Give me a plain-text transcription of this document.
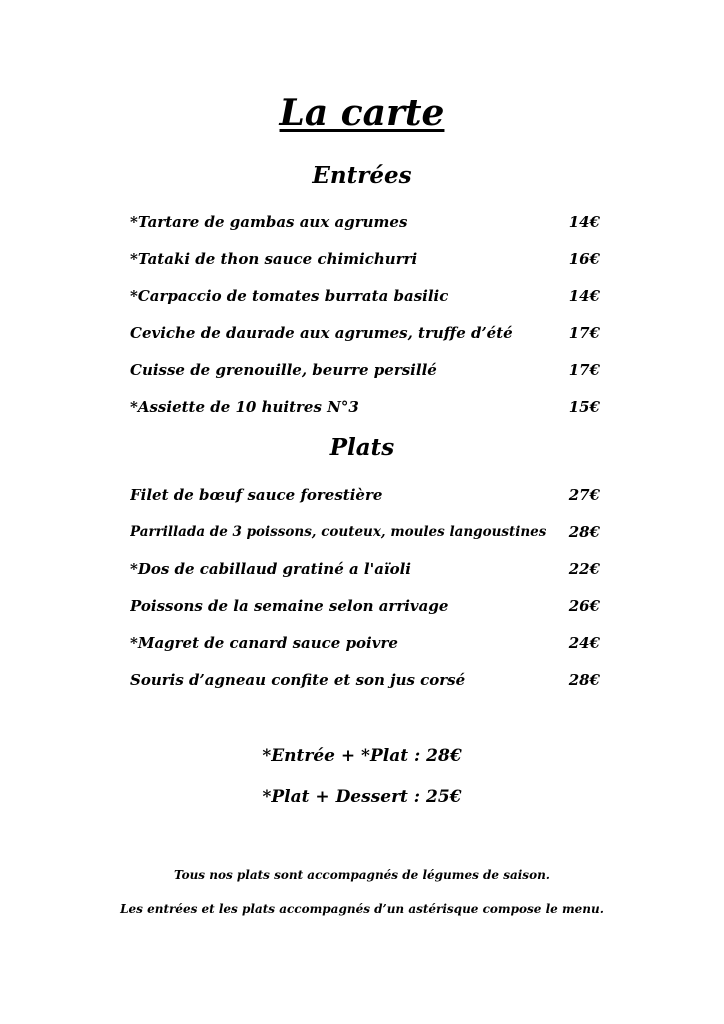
La carte
Entrées
*Tartare de gambas aux agrumes	14€
*Tataki de thon sauce chimichurri	16€
*Carpaccio de tomates burrata basilic	14€
Ceviche de daurade aux agrumes, truffe d’été	17€
Cuisse de grenouille, beurre persillé	17€
*Assiette de 10 huitres N°3	15€
Plats
Filet de bœuf sauce forestière	27€
Parrillada de 3 poissons, couteux, moules langoustines 28€
*Dos de cabillaud gratiné a l'aïoli	22€
Poissons de la semaine selon arrivage	26€
*Magret de canard sauce poivre	24€
Souris d’agneau confite et son jus corsé	28€

*Entrée + *Plat : 28€

*Plat + Dessert : 25€

Tous nos plats sont accompagnés de légumes de saison.

Les entrées et les plats accompagnés d’un astérisque compose le menu.
